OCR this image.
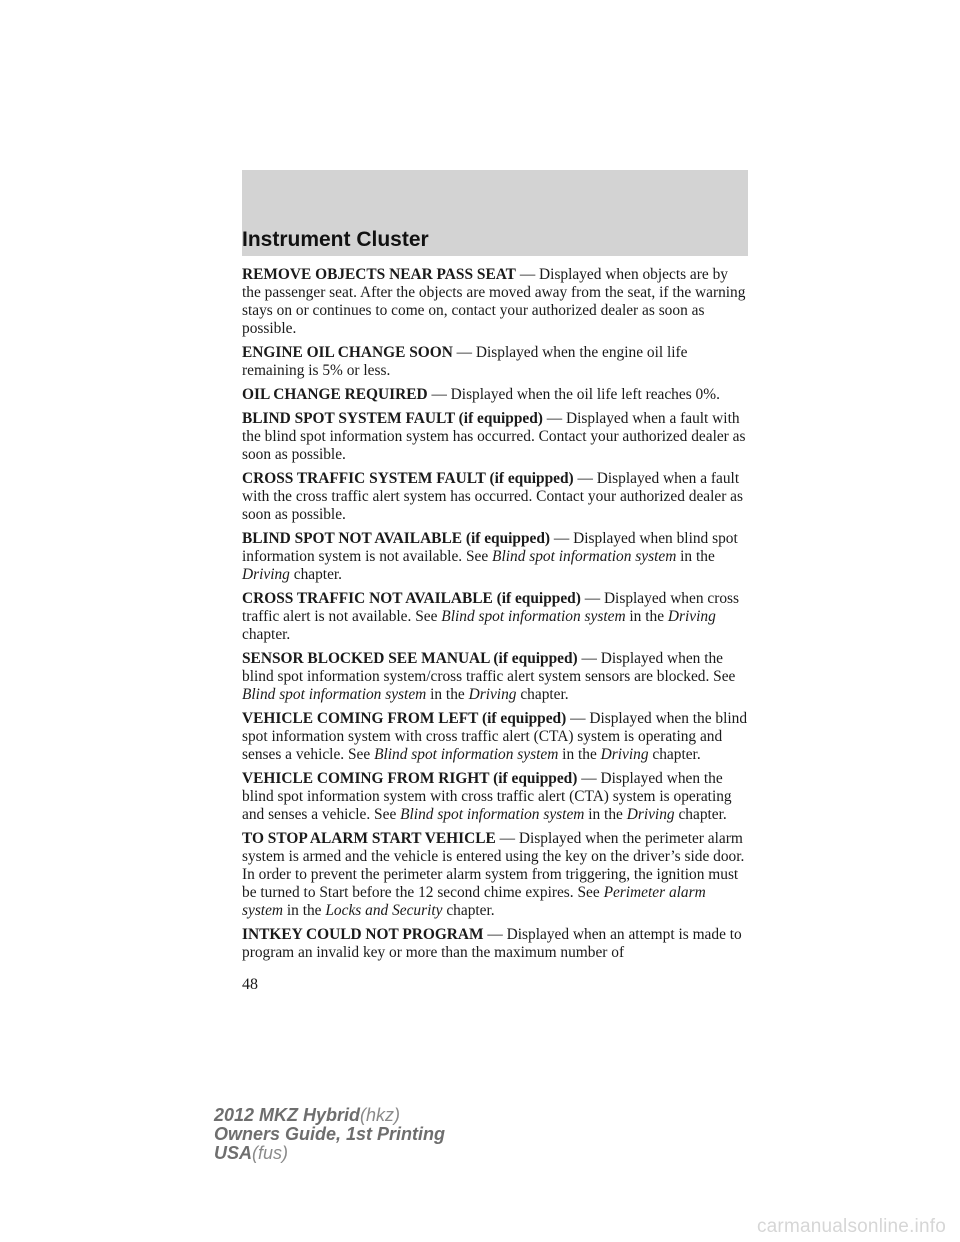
Instrument Cluster
REMOVE OBJECTS NEAR PASS SEAT — Displayed when objects are by the passenger seat. After the objects are moved away from the seat, if the warning stays on or continues to come on, contact your authorized dealer as soon as possible.
ENGINE OIL CHANGE SOON — Displayed when the engine oil life remaining is 5% or less.
OIL CHANGE REQUIRED — Displayed when the oil life left reaches 0%.
BLIND SPOT SYSTEM FAULT (if equipped) — Displayed when a fault with the blind spot information system has occurred. Contact your authorized dealer as soon as possible.
CROSS TRAFFIC SYSTEM FAULT (if equipped) — Displayed when a fault with the cross traffic alert system has occurred. Contact your authorized dealer as soon as possible.
BLIND SPOT NOT AVAILABLE (if equipped) — Displayed when blind spot information system is not available. See Blind spot information system in the Driving chapter.
CROSS TRAFFIC NOT AVAILABLE (if equipped) — Displayed when cross traffic alert is not available. See Blind spot information system in the Driving chapter.
SENSOR BLOCKED SEE MANUAL (if equipped) — Displayed when the blind spot information system/cross traffic alert system sensors are blocked. See Blind spot information system in the Driving chapter.
VEHICLE COMING FROM LEFT (if equipped) — Displayed when the blind spot information system with cross traffic alert (CTA) system is operating and senses a vehicle. See Blind spot information system in the Driving chapter.
VEHICLE COMING FROM RIGHT (if equipped) — Displayed when the blind spot information system with cross traffic alert (CTA) system is operating and senses a vehicle. See Blind spot information system in the Driving chapter.
TO STOP ALARM START VEHICLE — Displayed when the perimeter alarm system is armed and the vehicle is entered using the key on the driver’s side door. In order to prevent the perimeter alarm system from triggering, the ignition must be turned to Start before the 12 second chime expires. See Perimeter alarm system in the Locks and Security chapter.
INTKEY COULD NOT PROGRAM — Displayed when an attempt is made to program an invalid key or more than the maximum number of
48
2012 MKZ Hybrid(hkz)
Owners Guide, 1st Printing
USA(fus)
carmanualsonline.info
